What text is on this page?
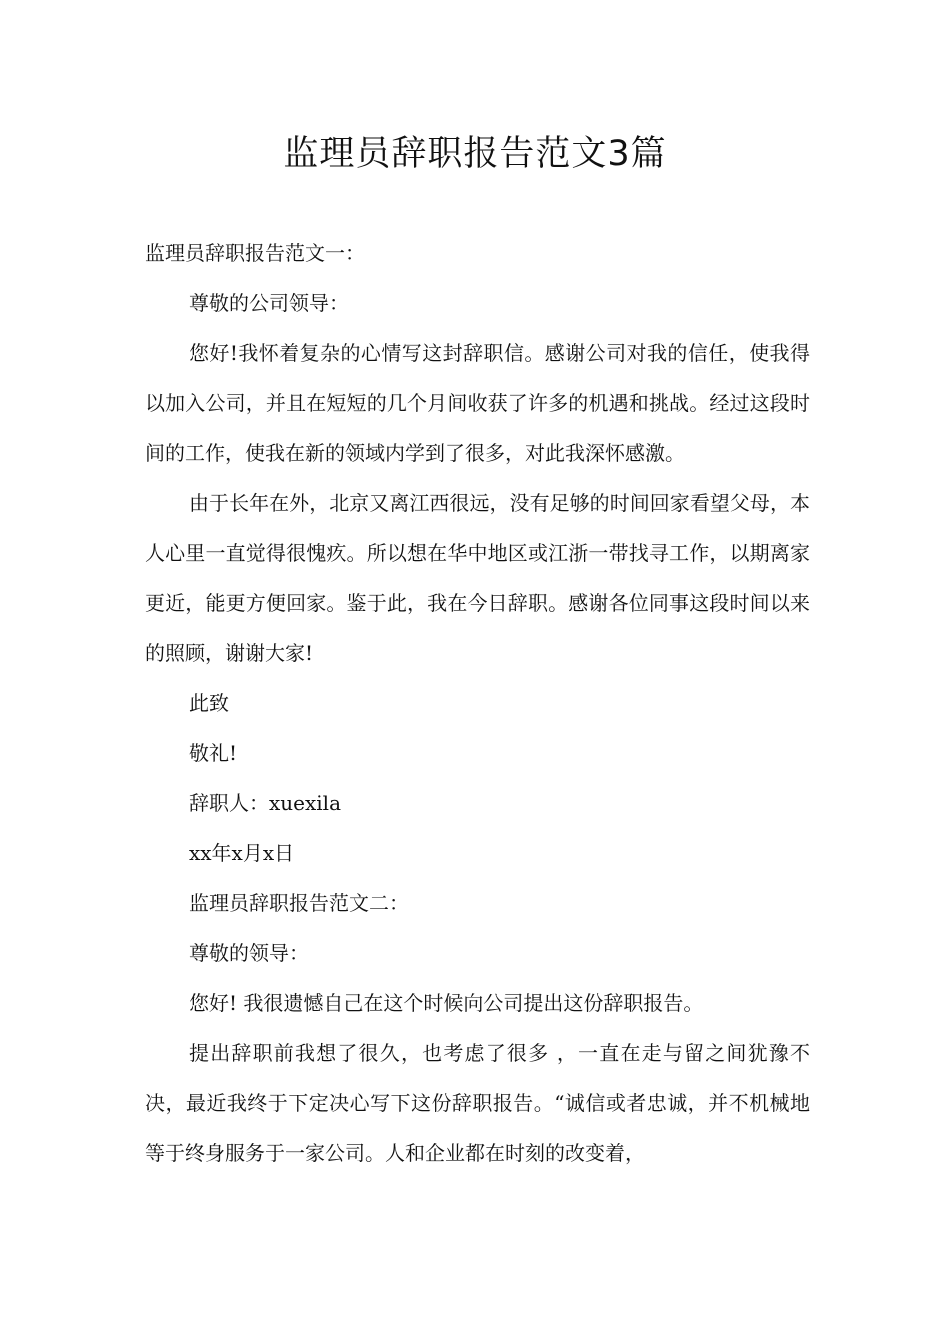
监理员辞职报告范文3篇

监理员辞职报告范文一：

尊敬的公司领导：

您好!我怀着复杂的心情写这封辞职信。感谢公司对我的信任，使我得以加入公司，并且在短短的几个月间收获了许多的机遇和挑战。经过这段时间的工作，使我在新的领域内学到了很多，对此我深怀感激。

由于长年在外，北京又离江西很远，没有足够的时间回家看望父母，本人心里一直觉得很愧疚。所以想在华中地区或江浙一带找寻工作，以期离家更近，能更方便回家。鉴于此，我在今日辞职。感谢各位同事这段时间以来的照顾，谢谢大家!

此致

敬礼!

辞职人：xuexila

xx年x月x日

监理员辞职报告范文二：

尊敬的领导：

您好! 我很遗憾自己在这个时候向公司提出这份辞职报告。

提出辞职前我想了很久，也考虑了很多 ，一直在走与留之间犹豫不决，最近我终于下定决心写下这份辞职报告。“诚信或者忠诚，并不机械地等于终身服务于一家公司。人和企业都在时刻的改变着，
